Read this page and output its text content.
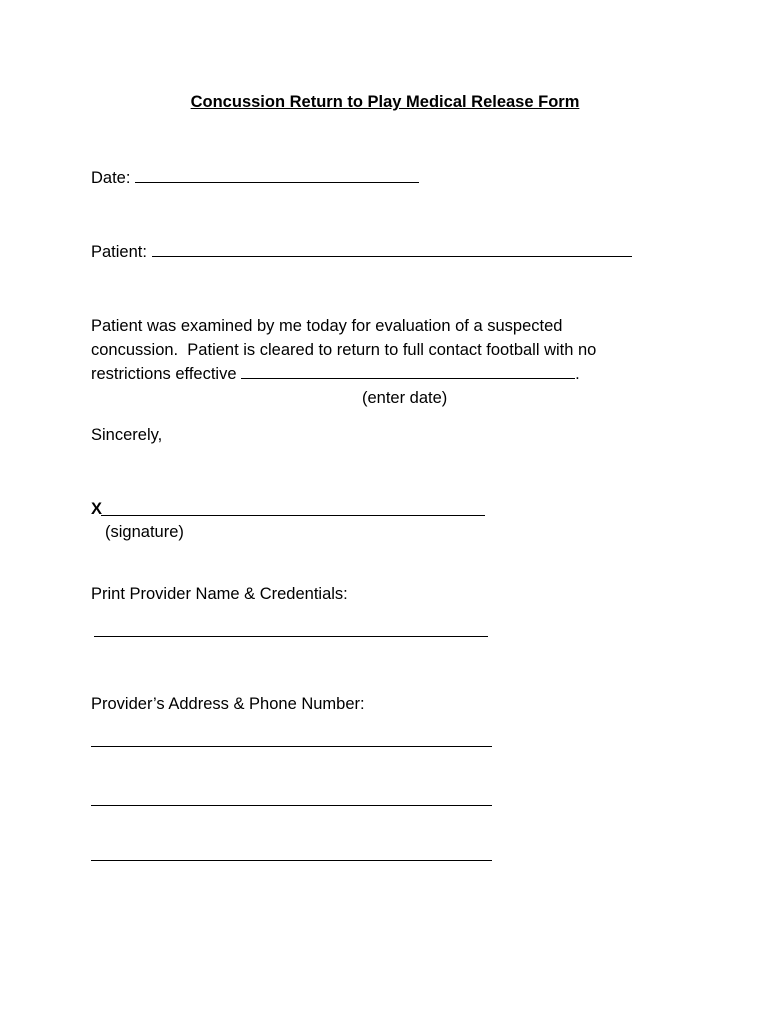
Concussion Return to Play Medical Release Form

Date:

Patient:

Patient was examined by me today for evaluation of a suspected

concussion.  Patient is cleared to return to full contact football with no

restrictions effective	.

(enter date)

Sincerely,

X

(signature)

Print Provider Name & Credentials:

Provider’s Address & Phone Number:
